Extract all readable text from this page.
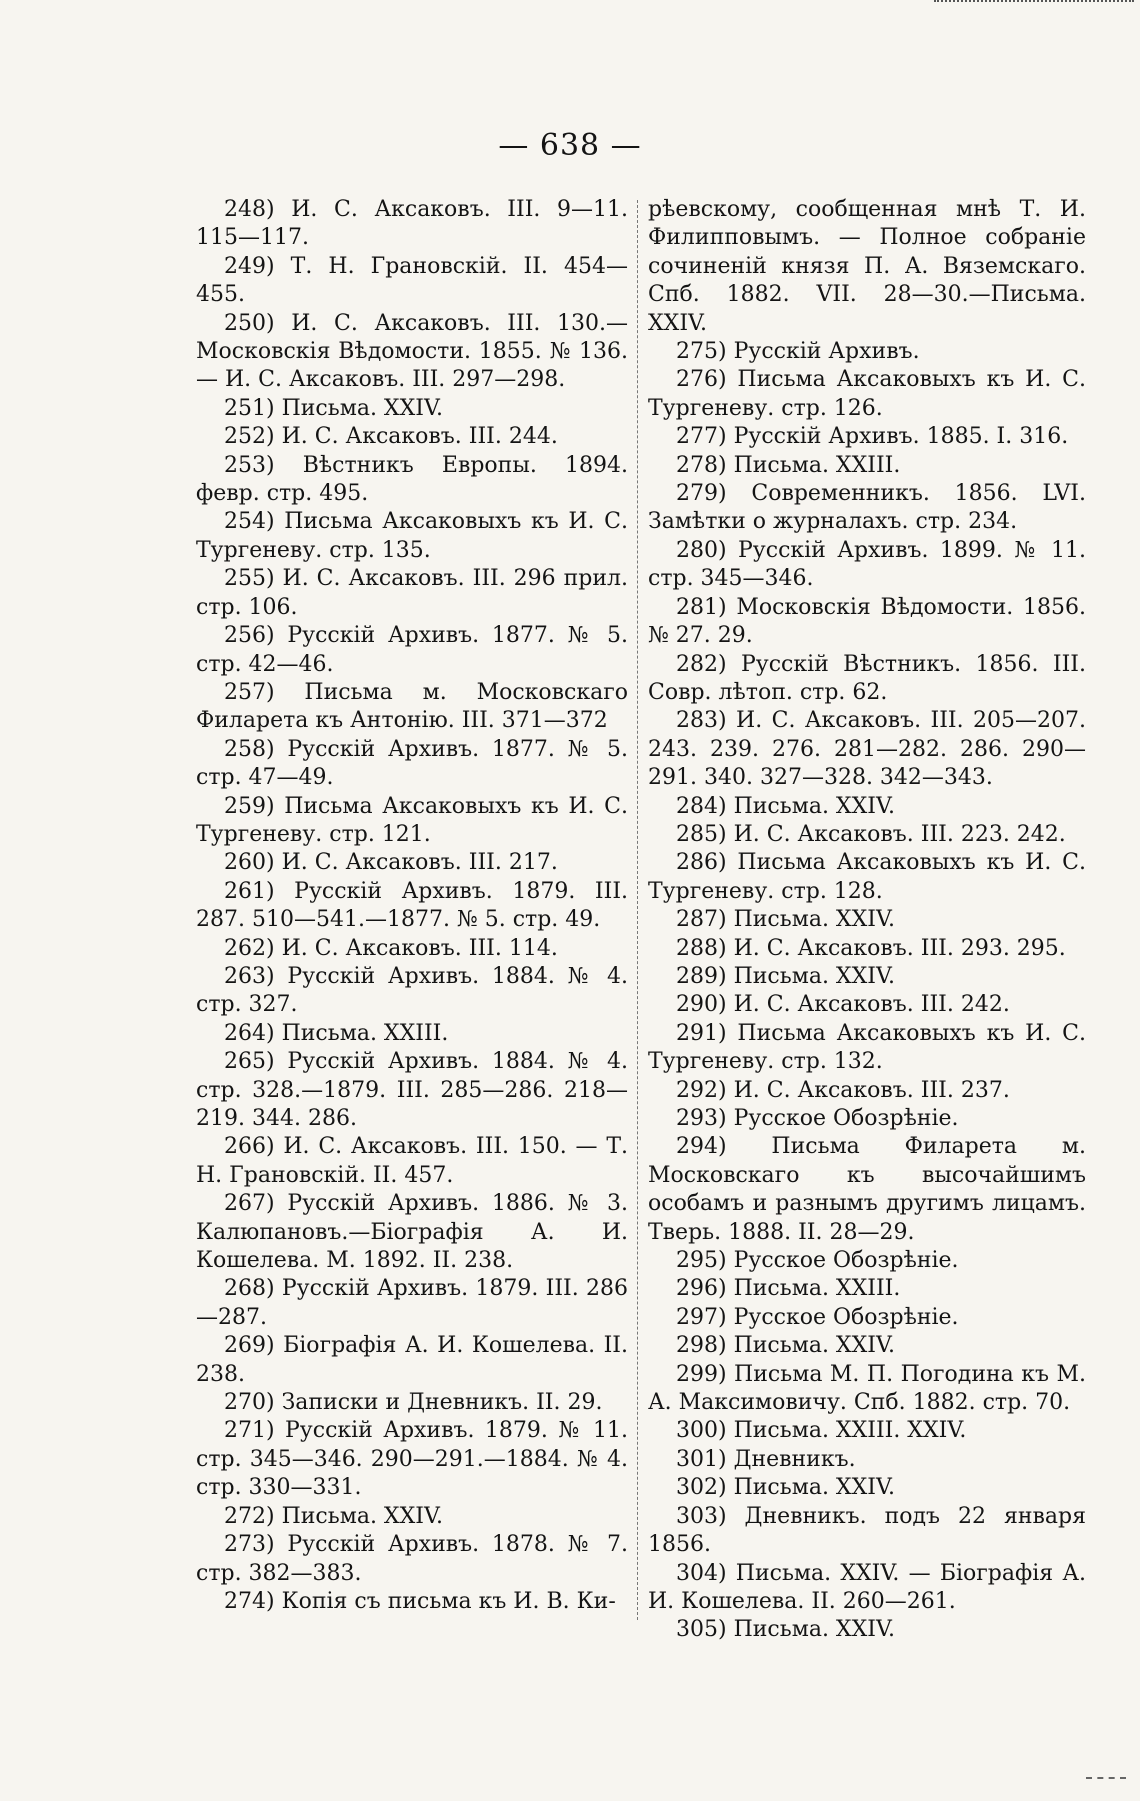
— 638 —
248) И. С. Аксаковъ. III. 9—11. 115—117.
249) Т. Н. Грановскій. II. 454—455.
250) И. С. Аксаковъ. III. 130.—Московскія Вѣдомости. 1855. № 136. — И. С. Аксаковъ. III. 297—298.
251) Письма. XXIV.
252) И. С. Аксаковъ. III. 244.
253) Вѣстникъ Европы. 1894. февр. стр. 495.
254) Письма Аксаковыхъ къ И. С. Тургеневу. стр. 135.
255) И. С. Аксаковъ. III. 296 прил. стр. 106.
256) Русскій Архивъ. 1877. № 5. стр. 42—46.
257) Письма м. Московскаго Филарета къ Антонію. III. 371—372
258) Русскій Архивъ. 1877. № 5. стр. 47—49.
259) Письма Аксаковыхъ къ И. С. Тургеневу. стр. 121.
260) И. С. Аксаковъ. III. 217.
261) Русскій Архивъ. 1879. III. 287. 510—541.—1877. № 5. стр. 49.
262) И. С. Аксаковъ. III. 114.
263) Русскій Архивъ. 1884. № 4. стр. 327.
264) Письма. XXIII.
265) Русскій Архивъ. 1884. № 4. стр. 328.—1879. III. 285—286. 218—219. 344. 286.
266) И. С. Аксаковъ. III. 150. — Т. Н. Грановскій. II. 457.
267) Русскій Архивъ. 1886. № 3. Калюпановъ.—Біографія А. И. Кошелева. М. 1892. II. 238.
268) Русскій Архивъ. 1879. III. 286—287.
269) Біографія А. И. Кошелева. II. 238.
270) Записки и Дневникъ. II. 29.
271) Русскій Архивъ. 1879. № 11. стр. 345—346. 290—291.—1884. № 4. стр. 330—331.
272) Письма. XXIV.
273) Русскій Архивъ. 1878. № 7. стр. 382—383.
274) Копія съ письма къ И. В. Ки-
рѣевскому, сообщенная мнѣ Т. И. Филипповымъ. — Полное собраніе сочиненій князя П. А. Вяземскаго. Спб. 1882. VII. 28—30.—Письма. XXIV.
275) Русскій Архивъ.
276) Письма Аксаковыхъ къ И. С. Тургеневу. стр. 126.
277) Русскій Архивъ. 1885. I. 316.
278) Письма. XXIII.
279) Современникъ. 1856. LVI. Замѣтки о журналахъ. стр. 234.
280) Русскій Архивъ. 1899. № 11. стр. 345—346.
281) Московскія Вѣдомости. 1856. № 27. 29.
282) Русскій Вѣстникъ. 1856. III. Совр. лѣтоп. стр. 62.
283) И. С. Аксаковъ. III. 205—207. 243. 239. 276. 281—282. 286. 290—291. 340. 327—328. 342—343.
284) Письма. XXIV.
285) И. С. Аксаковъ. III. 223. 242.
286) Письма Аксаковыхъ къ И. С. Тургеневу. стр. 128.
287) Письма. XXIV.
288) И. С. Аксаковъ. III. 293. 295.
289) Письма. XXIV.
290) И. С. Аксаковъ. III. 242.
291) Письма Аксаковыхъ къ И. С. Тургеневу. стр. 132.
292) И. С. Аксаковъ. III. 237.
293) Русское Обозрѣніе.
294) Письма Филарета м. Московскаго къ высочайшимъ особамъ и разнымъ другимъ лицамъ. Тверь. 1888. II. 28—29.
295) Русское Обозрѣніе.
296) Письма. XXIII.
297) Русское Обозрѣніе.
298) Письма. XXIV.
299) Письма М. П. Погодина къ М. А. Максимовичу. Спб. 1882. стр. 70.
300) Письма. XXIII. XXIV.
301) Дневникъ.
302) Письма. XXIV.
303) Дневникъ. подъ 22 января 1856.
304) Письма. XXIV. — Біографія А. И. Кошелева. II. 260—261.
305) Письма. XXIV.
